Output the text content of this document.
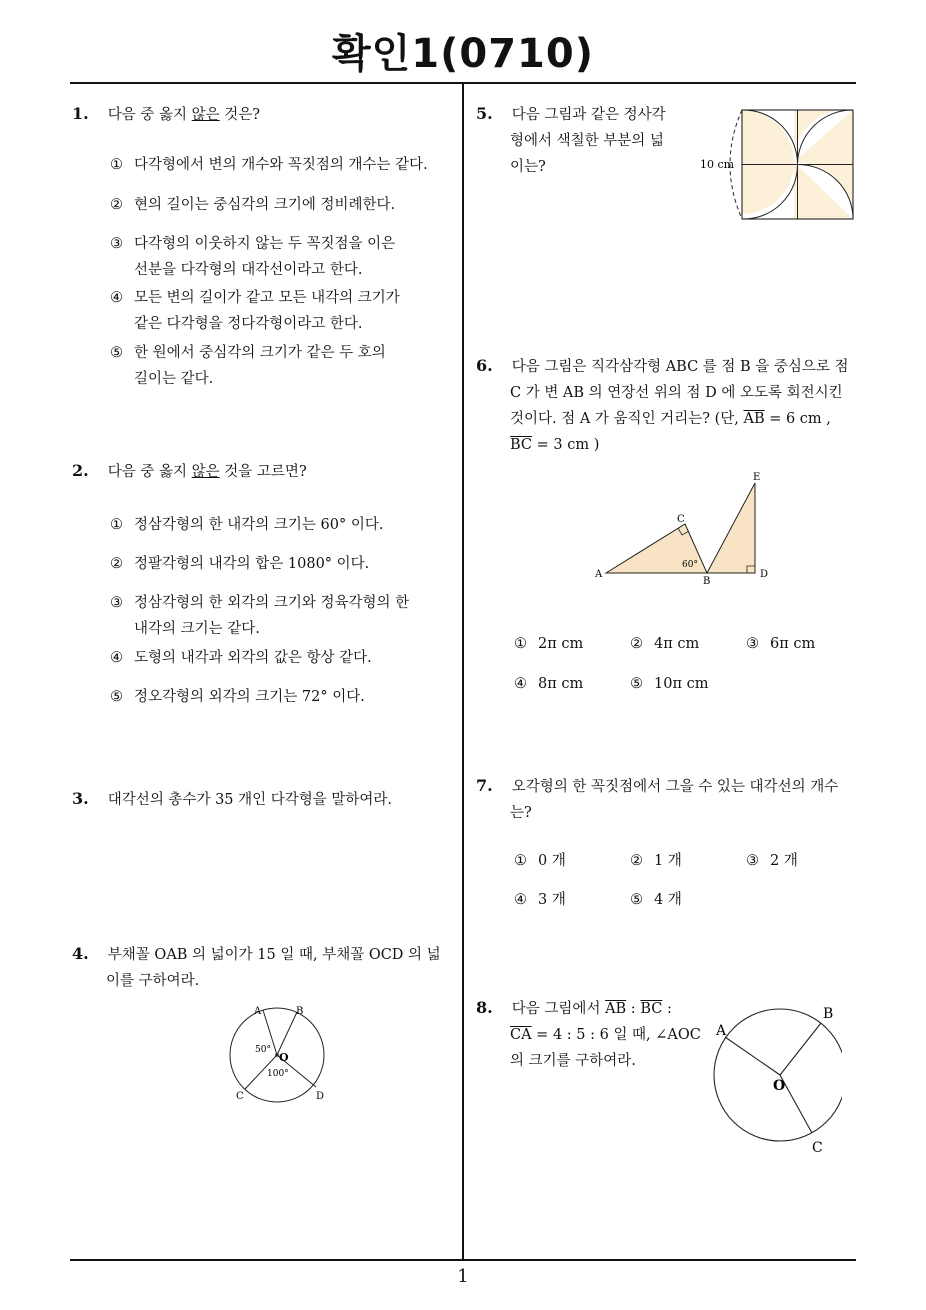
확인1(0710)
1
1. 다음 중 옳지 않은 것은?
① 다각형에서 변의 개수와 꼭짓점의 개수는 같다.
② 현의 길이는 중심각의 크기에 정비례한다.
③ 다각형의 이웃하지 않는 두 꼭짓점을 이은
선분을 다각형의 대각선이라고 한다.
④ 모든 변의 길이가 같고 모든 내각의 크기가
같은 다각형을 정다각형이라고 한다.
⑤ 한 원에서 중심각의 크기가 같은 두 호의
길이는 같다.
2. 다음 중 옳지 않은 것을 고르면?
① 정삼각형의 한 내각의 크기는 60° 이다.
② 정팔각형의 내각의 합은 1080° 이다.
③ 정삼각형의 한 외각의 크기와 정육각형의 한
내각의 크기는 같다.
④ 도형의 내각과 외각의 값은 항상 같다.
⑤ 정오각형의 외각의 크기는 72° 이다.
3. 대각선의 총수가 35 개인 다각형을 말하여라.
4. 부채꼴 OAB 의 넓이가 15 일 때, 부채꼴 OCD 의 넓
이를 구하여라.
A	B
C	D
O
50°
100°
5. 다음 그림과 같은 정사각
형에서 색칠한 부분의 넓
이는?	10 cm
6. 다음 그림은 직각삼각형 ABC 를 점 B 을 중심으로 점
C 가 변 AB 의 연장선 위의 점 D 에 오도록 회전시킨
것이다. 점 A 가 움직인 거리는? (단, $\overline{AB} = 6$ cm ,
$\overline{BC} = 3$ cm )
A
C
B
D
E
60°
① 2π cm	② 4π cm	③ 6π cm
④ 8π cm	⑤ 10π cm
7. 오각형의 한 꼭짓점에서 그을 수 있는 대각선의 개수
는?
① 0 개	② 1 개	③ 2 개
④ 3 개	⑤ 4 개
8. 다음 그림에서 $\overline{AB}$ : $\overline{BC}$ :
$\overline{CA} = 4$ : 5 : 6 일 때, ∠AOC
의 크기를 구하여라.
A
B
C
O
